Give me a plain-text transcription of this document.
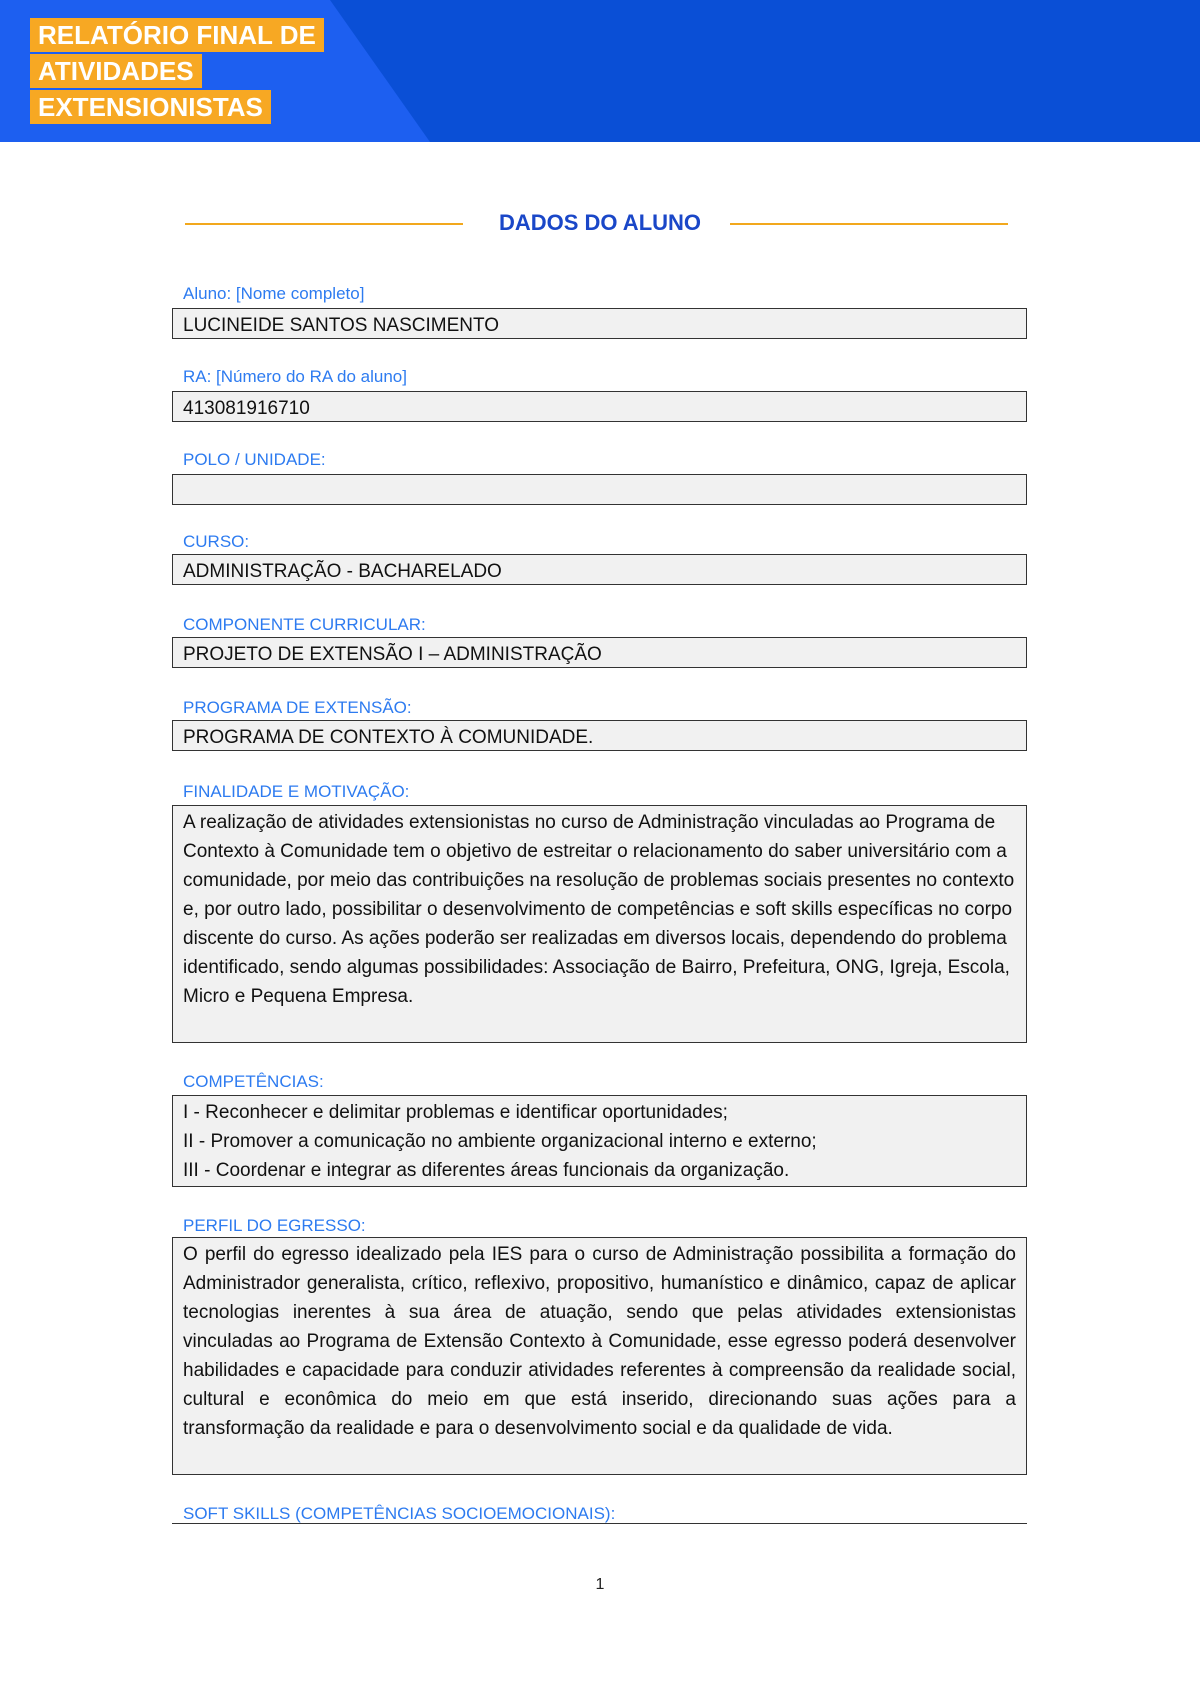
RELATÓRIO FINAL DE
ATIVIDADES
EXTENSIONISTAS
DADOS DO ALUNO
Aluno: [Nome completo]
LUCINEIDE SANTOS NASCIMENTO
RA: [Número do RA do aluno]
413081916710
POLO / UNIDADE:
CURSO:
ADMINISTRAÇÃO - BACHARELADO
COMPONENTE CURRICULAR:
PROJETO DE EXTENSÃO I – ADMINISTRAÇÃO
PROGRAMA DE EXTENSÃO:
PROGRAMA DE CONTEXTO À COMUNIDADE.
FINALIDADE E MOTIVAÇÃO:
A realização de atividades extensionistas no curso de Administração vinculadas ao Programa de Contexto à Comunidade tem o objetivo de estreitar o relacionamento do saber universitário com a comunidade, por meio das contribuições na resolução de problemas sociais presentes no contexto e, por outro lado, possibilitar o desenvolvimento de competências e soft skills específicas no corpo discente do curso. As ações poderão ser realizadas em diversos locais, dependendo do problema identificado, sendo algumas possibilidades: Associação de Bairro, Prefeitura, ONG, Igreja, Escola, Micro e Pequena Empresa.
COMPETÊNCIAS:
I - Reconhecer e delimitar problemas e identificar oportunidades;
II - Promover a comunicação no ambiente organizacional interno e externo;
III - Coordenar e integrar as diferentes áreas funcionais da organização.
PERFIL DO EGRESSO:
O perfil do egresso idealizado pela IES para o curso de Administração possibilita a formação do Administrador generalista, crítico, reflexivo, propositivo, humanístico e dinâmico, capaz de aplicar tecnologias inerentes à sua área de atuação, sendo que pelas atividades extensionistas vinculadas ao Programa de Extensão Contexto à Comunidade, esse egresso poderá desenvolver habilidades e capacidade para conduzir atividades referentes à compreensão da realidade social, cultural e econômica do meio em que está inserido, direcionando suas ações para a transformação da realidade e para o desenvolvimento social e da qualidade de vida.
SOFT SKILLS (COMPETÊNCIAS SOCIOEMOCIONAIS):
1
